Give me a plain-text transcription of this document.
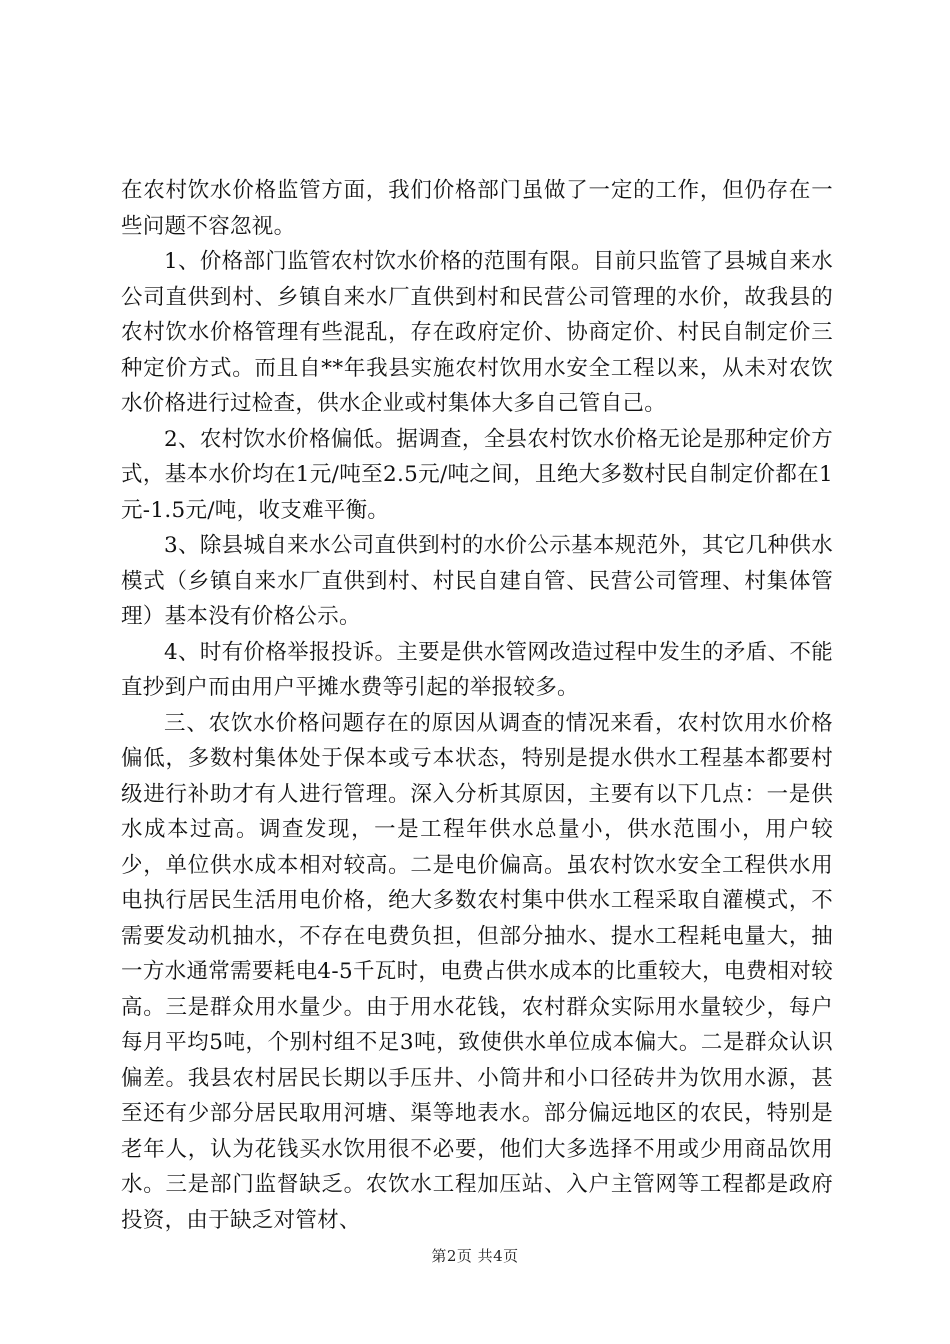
在农村饮水价格监管方面，我们价格部门虽做了一定的工作，但仍存在一些问题不容忽视。

1、价格部门监管农村饮水价格的范围有限。目前只监管了县城自来水公司直供到村、乡镇自来水厂直供到村和民营公司管理的水价，故我县的农村饮水价格管理有些混乱，存在政府定价、协商定价、村民自制定价三种定价方式。而且自**年我县实施农村饮用水安全工程以来，从未对农饮水价格进行过检查，供水企业或村集体大多自己管自己。

2、农村饮水价格偏低。据调查，全县农村饮水价格无论是那种定价方式，基本水价均在1元/吨至2.5元/吨之间，且绝大多数村民自制定价都在1元-1.5元/吨，收支难平衡。

3、除县城自来水公司直供到村的水价公示基本规范外，其它几种供水模式（乡镇自来水厂直供到村、村民自建自管、民营公司管理、村集体管理）基本没有价格公示。

4、时有价格举报投诉。主要是供水管网改造过程中发生的矛盾、不能直抄到户而由用户平摊水费等引起的举报较多。

三、农饮水价格问题存在的原因从调查的情况来看，农村饮用水价格偏低，多数村集体处于保本或亏本状态，特别是提水供水工程基本都要村级进行补助才有人进行管理。深入分析其原因，主要有以下几点：一是供水成本过高。调查发现，一是工程年供水总量小，供水范围小，用户较少，单位供水成本相对较高。二是电价偏高。虽农村饮水安全工程供水用电执行居民生活用电价格，绝大多数农村集中供水工程采取自灌模式，不需要发动机抽水，不存在电费负担，但部分抽水、提水工程耗电量大，抽一方水通常需要耗电4-5千瓦时，电费占供水成本的比重较大，电费相对较高。三是群众用水量少。由于用水花钱，农村群众实际用水量较少，每户每月平均5吨，个别村组不足3吨，致使供水单位成本偏大。二是群众认识偏差。我县农村居民长期以手压井、小筒井和小口径砖井为饮用水源，甚至还有少部分居民取用河塘、渠等地表水。部分偏远地区的农民，特别是老年人，认为花钱买水饮用很不必要，他们大多选择不用或少用商品饮用水。三是部门监督缺乏。农饮水工程加压站、入户主管网等工程都是政府投资，由于缺乏对管材、

第2页 共4页
